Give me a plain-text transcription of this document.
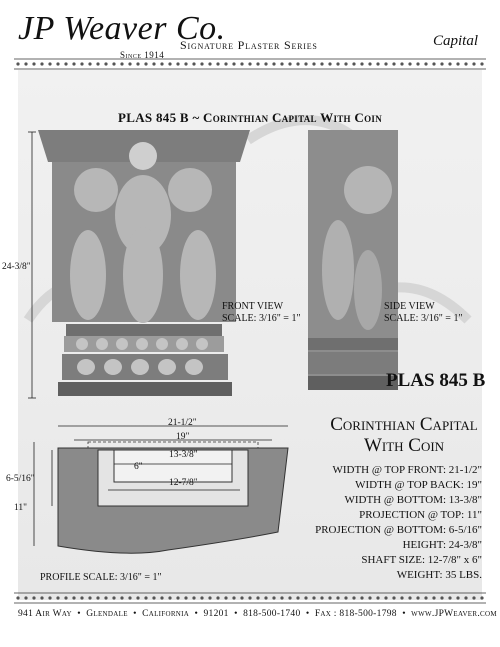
JP Weaver Co.
Since 1914
Signature Plaster Series	Capital
PLAS 845 B ~ Corinthian Capital With Coin
FRONT VIEW
SCALE: 3/16" = 1"
SIDE VIEW
SCALE: 3/16" = 1"
24-3/8"
21-1/2"
19"
6"
13-3/8"
12-7/8"
6-5/16"
11"
PLAS 845 B
Corinthian Capital
With Coin
WIDTH @ TOP FRONT: 21-1/2"
WIDTH @ TOP BACK: 19"
WIDTH @ BOTTOM: 13-3/8"
PROJECTION @ TOP: 11"
PROJECTION @ BOTTOM: 6-5/16"
HEIGHT: 24-3/8"
SHAFT SIZE: 12-7/8" x 6"
WEIGHT: 35 LBS.
PROFILE SCALE: 3/16" = 1"
941 Air Way  •  Glendale  •  California  •  91201  •  818-500-1740  •  Fax : 818-500-1798  •  www.JPWeaver.com
